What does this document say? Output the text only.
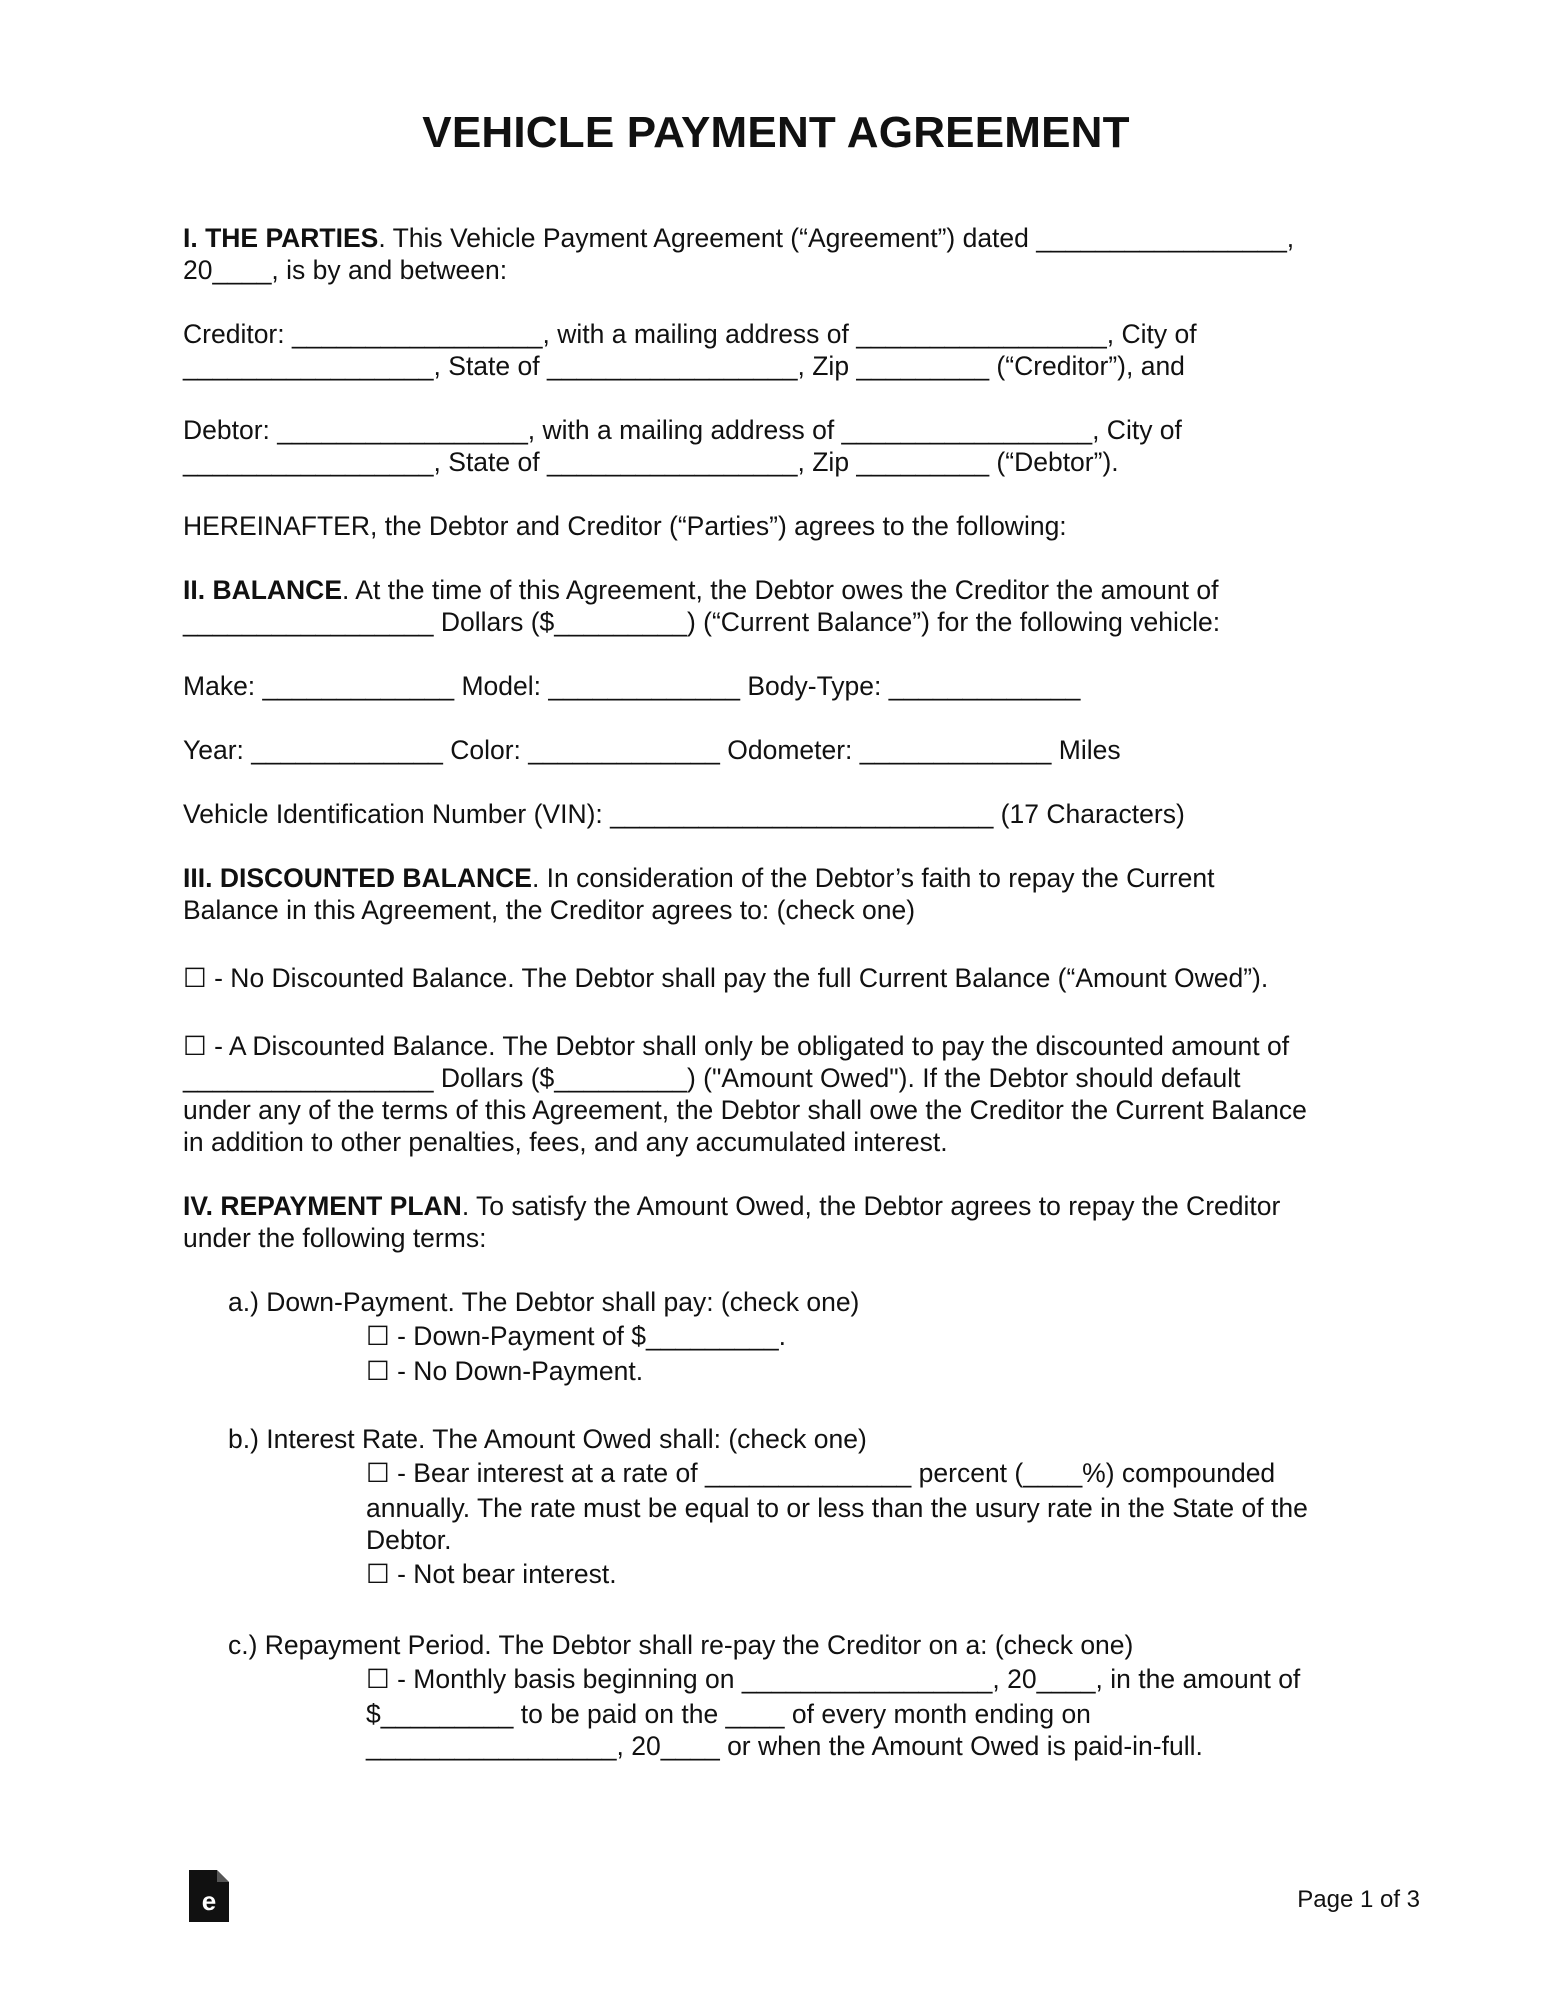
VEHICLE PAYMENT AGREEMENT

I. THE PARTIES. This Vehicle Payment Agreement (“Agreement”) dated _________________,

20____, is by and between:

Creditor: _________________, with a mailing address of _________________, City of

_________________, State of _________________, Zip _________ (“Creditor”), and

Debtor: _________________, with a mailing address of _________________, City of

_________________, State of _________________, Zip _________ (“Debtor”).

HEREINAFTER, the Debtor and Creditor (“Parties”) agrees to the following:

II. BALANCE. At the time of this Agreement, the Debtor owes the Creditor the amount of

_________________ Dollars ($_________) (“Current Balance”) for the following vehicle:

Make: _____________ Model: _____________ Body-Type: _____________

Year: _____________ Color: _____________ Odometer: _____________ Miles

Vehicle Identification Number (VIN): __________________________ (17 Characters)

III. DISCOUNTED BALANCE. In consideration of the Debtor’s faith to repay the Current

Balance in this Agreement, the Creditor agrees to: (check one)

☐ - No Discounted Balance. The Debtor shall pay the full Current Balance (“Amount Owed”).

☐ - A Discounted Balance. The Debtor shall only be obligated to pay the discounted amount of

_________________ Dollars ($_________) ("Amount Owed"). If the Debtor should default

under any of the terms of this Agreement, the Debtor shall owe the Creditor the Current Balance

in addition to other penalties, fees, and any accumulated interest.

IV. REPAYMENT PLAN. To satisfy the Amount Owed, the Debtor agrees to repay the Creditor

under the following terms:

a.) Down-Payment. The Debtor shall pay: (check one)

☐ - Down-Payment of $_________.

☐ - No Down-Payment.

b.) Interest Rate. The Amount Owed shall: (check one)

☐ - Bear interest at a rate of ______________ percent (____%) compounded

annually. The rate must be equal to or less than the usury rate in the State of the

Debtor.

☐ - Not bear interest.

c.) Repayment Period. The Debtor shall re-pay the Creditor on a: (check one)

☐ - Monthly basis beginning on _________________, 20____, in the amount of

$_________ to be paid on the ____ of every month ending on

_________________, 20____ or when the Amount Owed is paid-in-full.

e	Page 1 of 3
